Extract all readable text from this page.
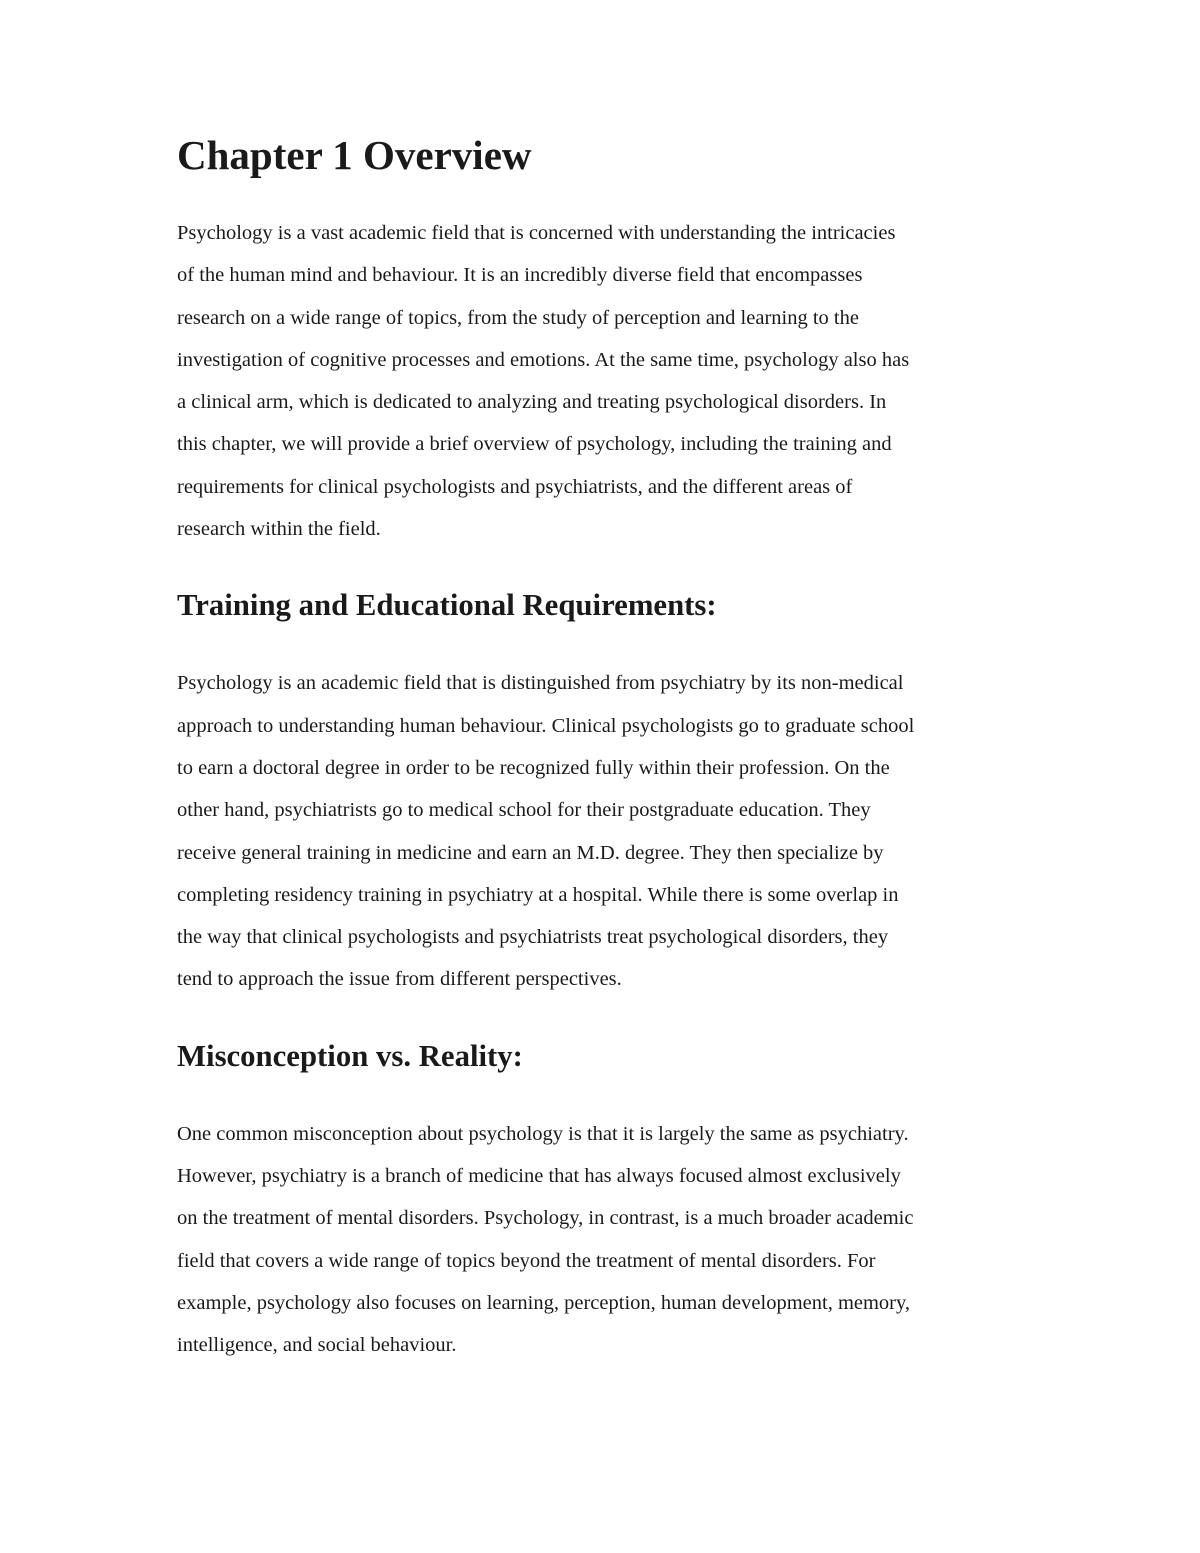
Chapter 1 Overview

Psychology is a vast academic field that is concerned with understanding the intricacies
of the human mind and behaviour. It is an incredibly diverse field that encompasses
research on a wide range of topics, from the study of perception and learning to the
investigation of cognitive processes and emotions. At the same time, psychology also has
a clinical arm, which is dedicated to analyzing and treating psychological disorders. In
this chapter, we will provide a brief overview of psychology, including the training and
requirements for clinical psychologists and psychiatrists, and the different areas of
research within the field.

Training and Educational Requirements:

Psychology is an academic field that is distinguished from psychiatry by its non-medical
approach to understanding human behaviour. Clinical psychologists go to graduate school
to earn a doctoral degree in order to be recognized fully within their profession. On the
other hand, psychiatrists go to medical school for their postgraduate education. They
receive general training in medicine and earn an M.D. degree. They then specialize by
completing residency training in psychiatry at a hospital. While there is some overlap in
the way that clinical psychologists and psychiatrists treat psychological disorders, they
tend to approach the issue from different perspectives.

Misconception vs. Reality:

One common misconception about psychology is that it is largely the same as psychiatry.
However, psychiatry is a branch of medicine that has always focused almost exclusively
on the treatment of mental disorders. Psychology, in contrast, is a much broader academic
field that covers a wide range of topics beyond the treatment of mental disorders. For
example, psychology also focuses on learning, perception, human development, memory,
intelligence, and social behaviour.
